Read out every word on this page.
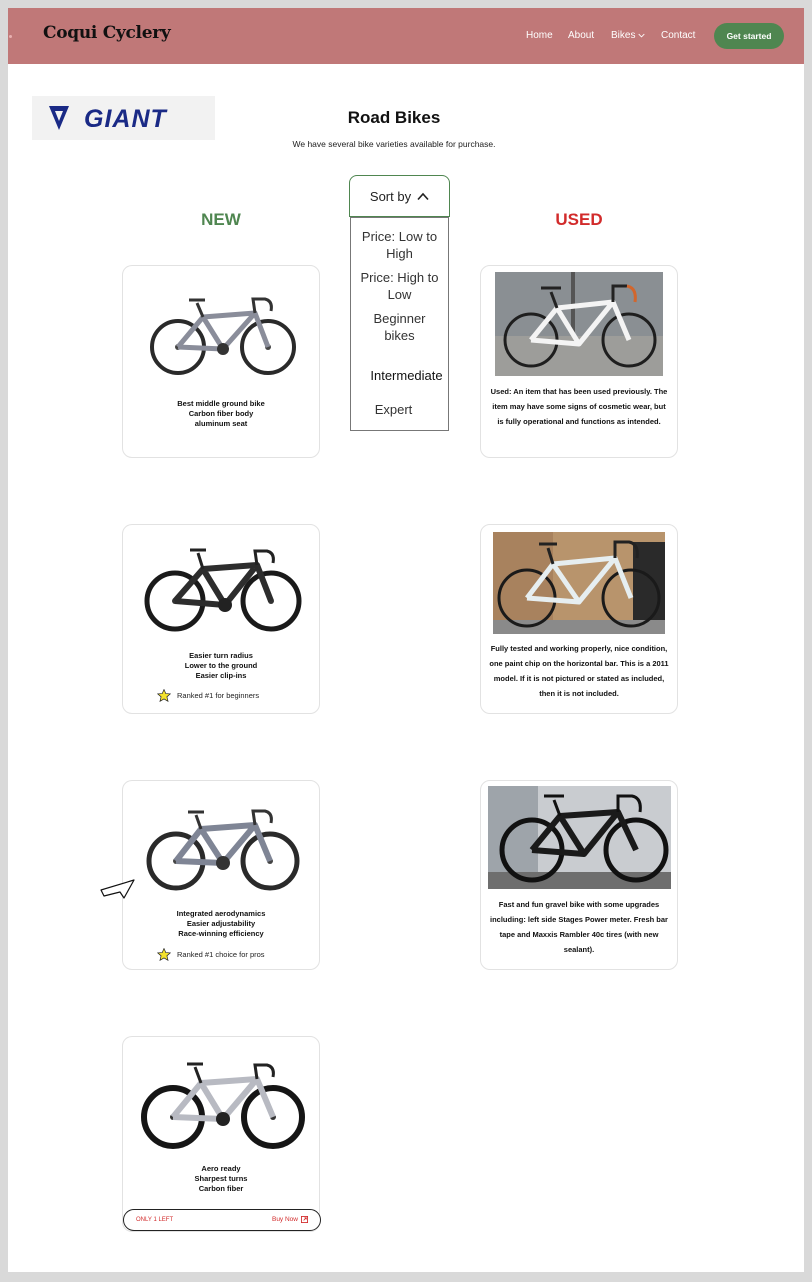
Coqui Cyclery	Home About Bikes	Contact	Get started
GIANT	Road Bikes
We have several bike varieties available for purchase.
NEW	USED
Sort by
Price: Low to
High
Price: High to
Low
Beginner
bikes
Intermediate
Expert
Best middle ground bike
Carbon fiber body
aluminum seat
Easier turn radius
Lower to the ground
Easier clip-ins
Ranked #1 for beginners
Integrated aerodynamics
Easier adjustability
Race-winning efficiency
Ranked #1 choice for pros
Aero ready
Sharpest turns
Carbon fiber
ONLY 1 LEFT	Buy Now
Used: An item that has been used previously. The item may have some signs of cosmetic wear, but is fully operational and functions as intended.
Fully tested and working properly, nice condition, one paint chip on the horizontal bar. This is a 2011 model. If it is not pictured or stated as included, then it is not included.
Fast and fun gravel bike with some upgrades including: left side Stages Power meter. Fresh bar tape and Maxxis Rambler 40c tires (with new sealant).
